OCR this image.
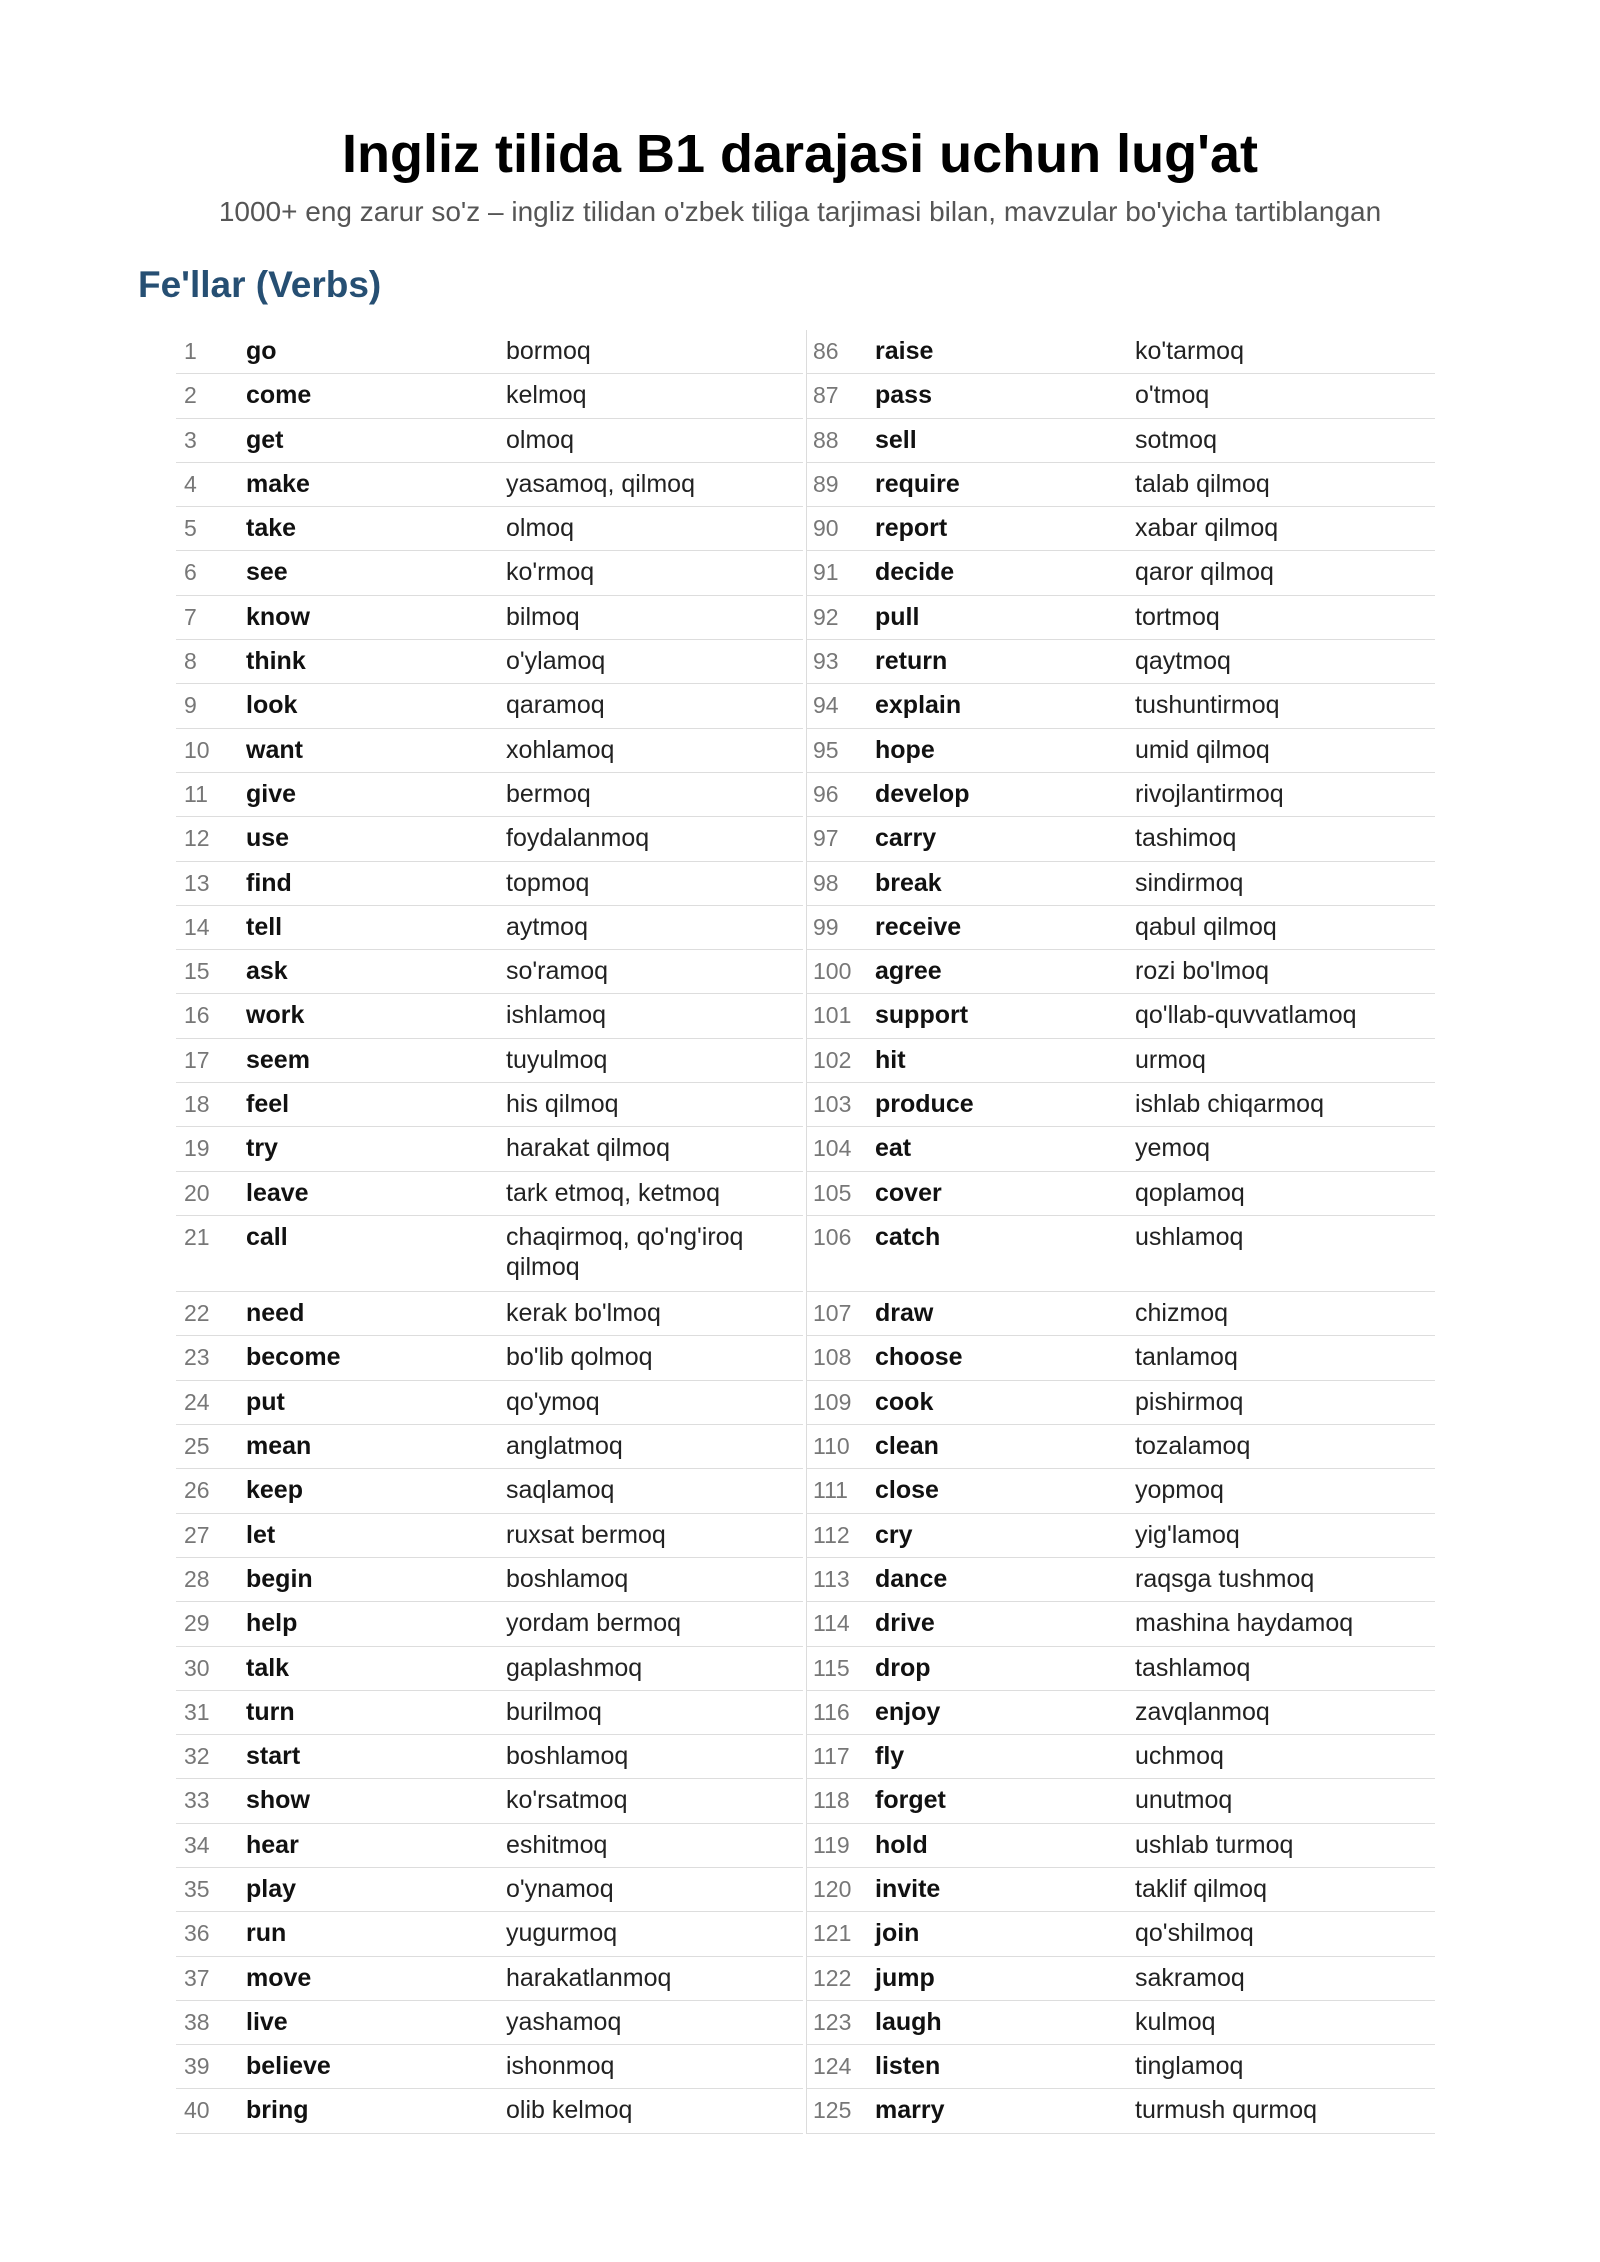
Ingliz tilida B1 darajasi uchun lug'at
1000+ eng zarur so'z – ingliz tilidan o'zbek tiliga tarjimasi bilan, mavzular bo'yicha tartiblangan
Fe'llar (Verbs)
1	go	bormoq
2	come	kelmoq
3	get	olmoq
4	make	yasamoq, qilmoq
5	take	olmoq
6	see	ko'rmoq
7	know	bilmoq
8	think	o'ylamoq
9	look	qaramoq
10	want	xohlamoq
11	give	bermoq
12	use	foydalanmoq
13	find	topmoq
14	tell	aytmoq
15	ask	so'ramoq
16	work	ishlamoq
17	seem	tuyulmoq
18	feel	his qilmoq
19	try	harakat qilmoq
20	leave	tark etmoq, ketmoq
21	call	chaqirmoq, qo'ng'iroq qilmoq
22	need	kerak bo'lmoq
23	become	bo'lib qolmoq
24	put	qo'ymoq
25	mean	anglatmoq
26	keep	saqlamoq
27	let	ruxsat bermoq
28	begin	boshlamoq
29	help	yordam bermoq
30	talk	gaplashmoq
31	turn	burilmoq
32	start	boshlamoq
33	show	ko'rsatmoq
34	hear	eshitmoq
35	play	o'ynamoq
36	run	yugurmoq
37	move	harakatlanmoq
38	live	yashamoq
39	believe	ishonmoq
40	bring	olib kelmoq
86	raise	ko'tarmoq
87	pass	o'tmoq
88	sell	sotmoq
89	require	talab qilmoq
90	report	xabar qilmoq
91	decide	qaror qilmoq
92	pull	tortmoq
93	return	qaytmoq
94	explain	tushuntirmoq
95	hope	umid qilmoq
96	develop	rivojlantirmoq
97	carry	tashimoq
98	break	sindirmoq
99	receive	qabul qilmoq
100 agree	rozi bo'lmoq
101 support	qo'llab-quvvatlamoq
102 hit	urmoq
103 produce	ishlab chiqarmoq
104 eat	yemoq
105 cover	qoplamoq
106 catch	ushlamoq
107 draw	chizmoq
108 choose	tanlamoq
109 cook	pishirmoq
110 clean	tozalamoq
111 close	yopmoq
112 cry	yig'lamoq
113 dance	raqsga tushmoq
114 drive	mashina haydamoq
115 drop	tashlamoq
116 enjoy	zavqlanmoq
117 fly	uchmoq
118 forget	unutmoq
119 hold	ushlab turmoq
120 invite	taklif qilmoq
121 join	qo'shilmoq
122 jump	sakramoq
123 laugh	kulmoq
124 listen	tinglamoq
125 marry	turmush qurmoq
